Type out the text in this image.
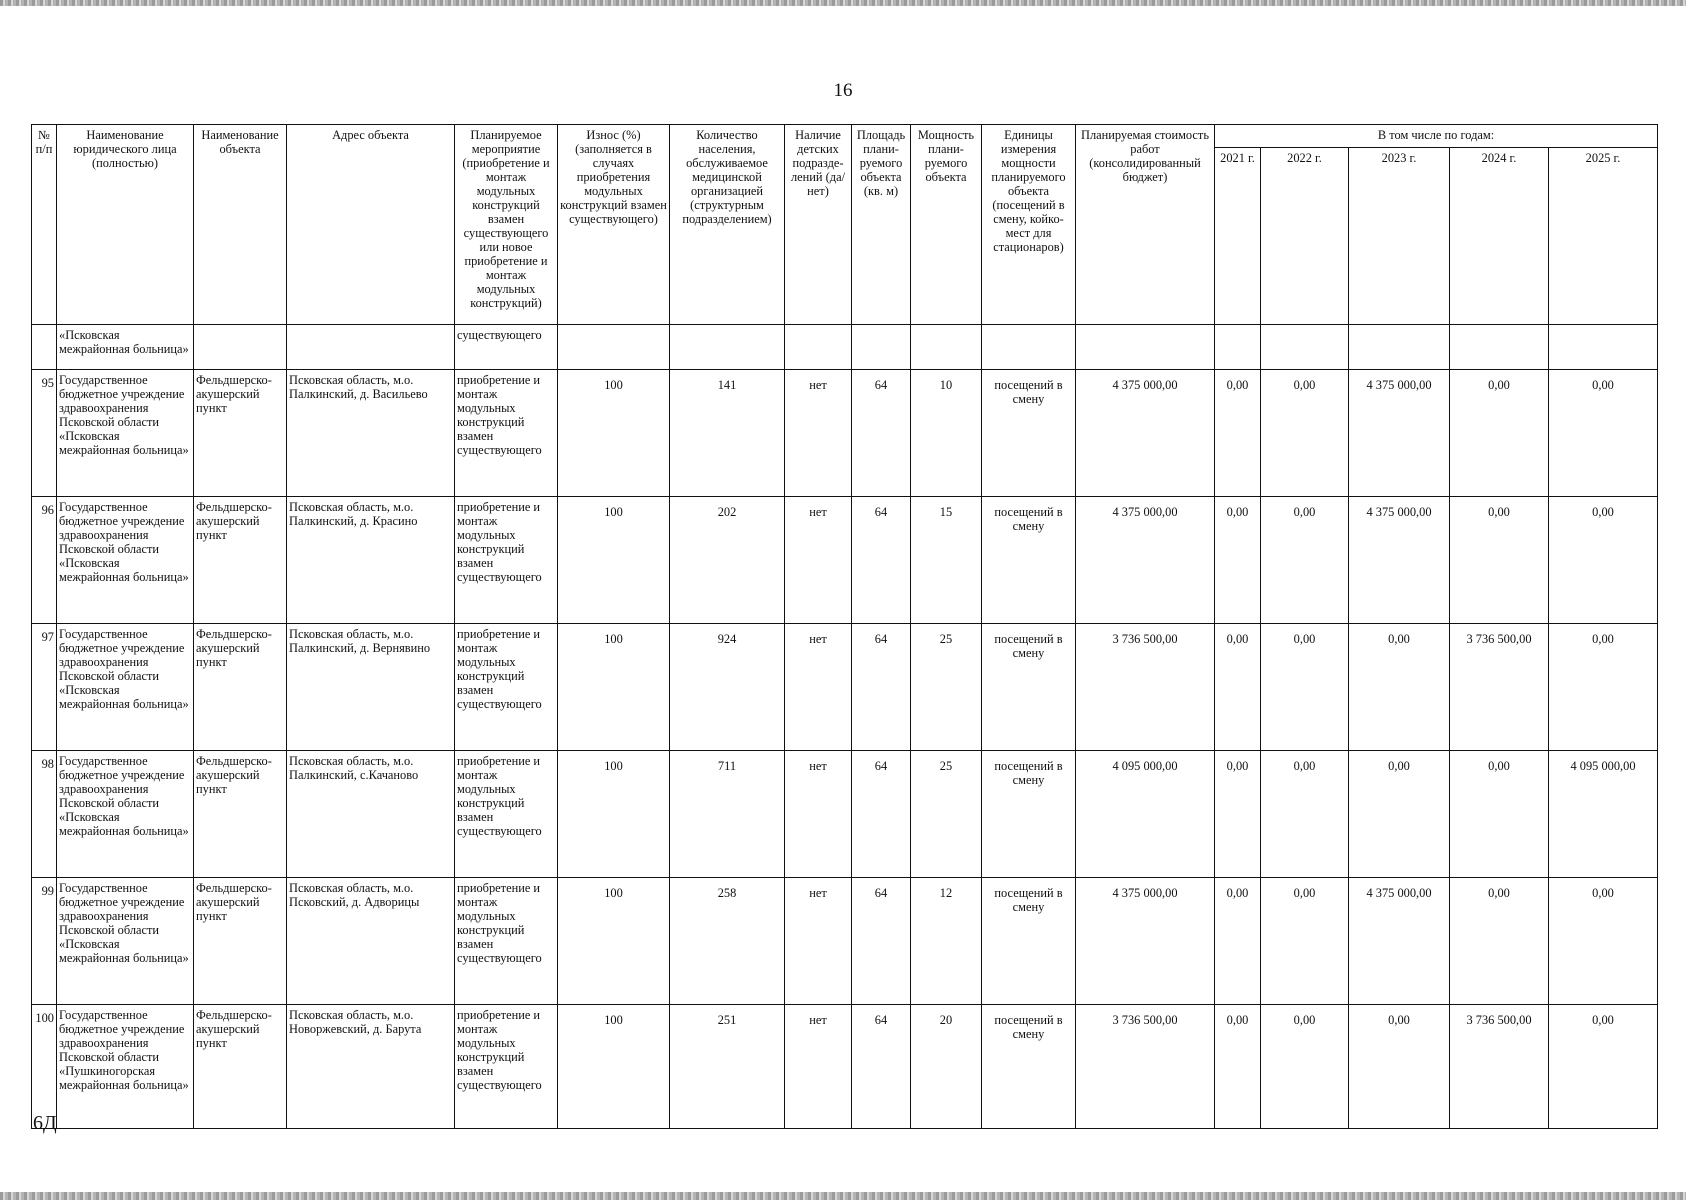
16
№ п/п	Наименование юридического лица (полностью)	Наименование объекта	Адрес объекта	Планируемое мероприятие (приобретение и монтаж модульных конструкций взамен существующего или новое приобретение и монтаж модульных конструкций)	Износ (%) (заполняется в случаях приобретения модульных конструкций взамен существующего)	Количество населения, обслуживаемое медицинской организацией (структурным подразделением)	Наличие детских подразде-лений (да/нет)	Площадь плани-руемого объекта (кв. м)	Мощность плани-руемого объекта	Единицы измерения мощности планируемого объекта (посещений в смену, койко-мест для стационаров)	Планируемая стоимость работ (консолидированный бюджет)	В том числе по годам:				
												2021 г.	2022 г.	2023 г.	2024 г.	2025 г.
	«Псковская межрайонная больница»			существующего												
95	Государственное бюджетное учреждение здравоохранения Псковской области «Псковская межрайонная больница»	Фельдшерско-акушерский пункт	Псковская область, м.о. Палкинский, д. Васильево	приобретение и монтаж модульных конструкций взамен существующего	100	141	нет	64	10	посещений в смену	4 375 000,00	0,00	0,00	4 375 000,00	0,00	0,00
96	Государственное бюджетное учреждение здравоохранения Псковской области «Псковская межрайонная больница»	Фельдшерско-акушерский пункт	Псковская область, м.о. Палкинский, д. Красино	приобретение и монтаж модульных конструкций взамен существующего	100	202	нет	64	15	посещений в смену	4 375 000,00	0,00	0,00	4 375 000,00	0,00	0,00
97	Государственное бюджетное учреждение здравоохранения Псковской области «Псковская межрайонная больница»	Фельдшерско-акушерский пункт	Псковская область, м.о. Палкинский, д. Вернявино	приобретение и монтаж модульных конструкций взамен существующего	100	924	нет	64	25	посещений в смену	3 736 500,00	0,00	0,00	0,00	3 736 500,00	0,00
98	Государственное бюджетное учреждение здравоохранения Псковской области «Псковская межрайонная больница»	Фельдшерско-акушерский пункт	Псковская область, м.о. Палкинский, с.Качаново	приобретение и монтаж модульных конструкций взамен существующего	100	711	нет	64	25	посещений в смену	4 095 000,00	0,00	0,00	0,00	0,00	4 095 000,00
99	Государственное бюджетное учреждение здравоохранения Псковской области «Псковская межрайонная больница»	Фельдшерско-акушерский пункт	Псковская область, м.о. Псковский, д. Адворицы	приобретение и монтаж модульных конструкций взамен существующего	100	258	нет	64	12	посещений в смену	4 375 000,00	0,00	0,00	4 375 000,00	0,00	0,00
100	Государственное бюджетное учреждение здравоохранения Псковской области «Пушкиногорская межрайонная больница»	Фельдшерско-акушерский пункт	Псковская область, м.о. Новоржевский, д. Барута	приобретение и монтаж модульных конструкций взамен существующего	100	251	нет	64	20	посещений в смену	3 736 500,00	0,00	0,00	0,00	3 736 500,00	0,00
6Д
